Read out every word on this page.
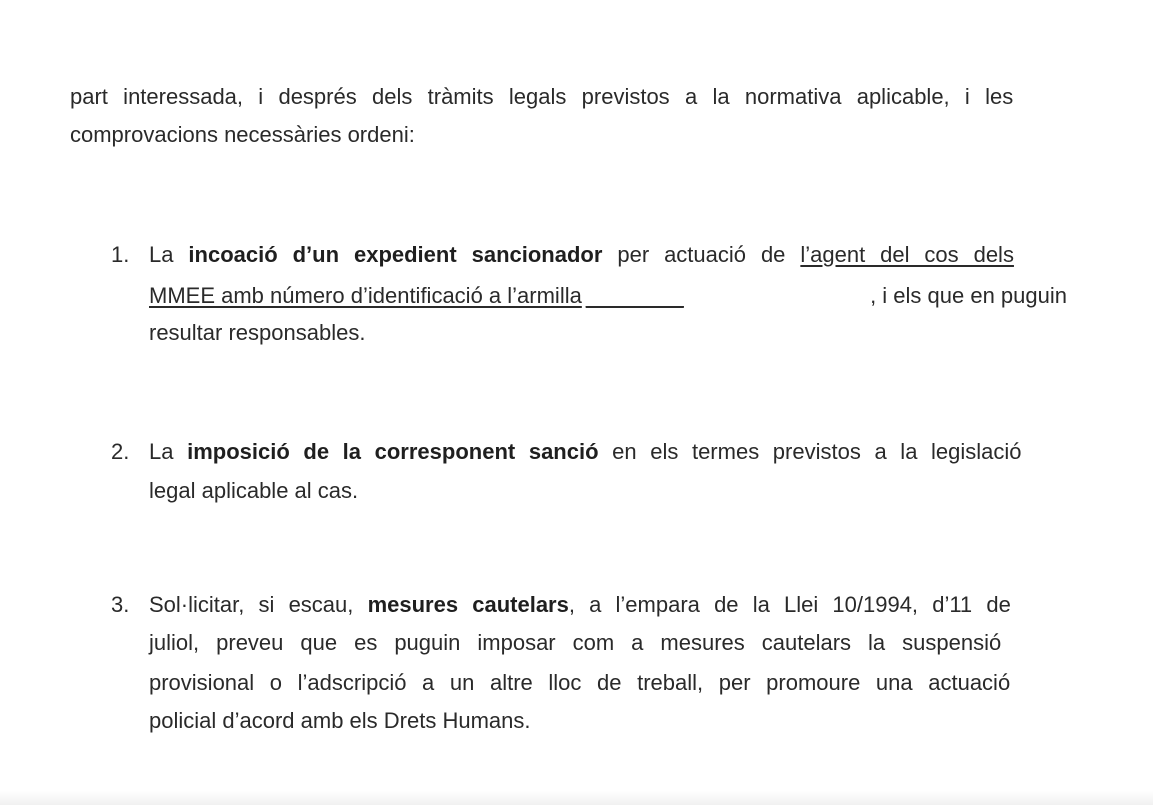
part interessada, i després dels tràmits legals previstos a la normativa aplicable, i les
comprovacions necessàries ordeni:
1. La incoació d’un expedient sancionador per actuació de l’agent del cos dels
MMEE amb número d’identificació a l’armilla ________	, i els que en puguin
resultar responsables.
2. La imposició de la corresponent sanció en els termes previstos a la legislació
legal aplicable al cas.
3. Sol·licitar, si escau, mesures cautelars, a l’empara de la Llei 10/1994, d’11 de
juliol, preveu que es puguin imposar com a mesures cautelars la suspensió
provisional o l’adscripció a un altre lloc de treball, per promoure una actuació
policial d’acord amb els Drets Humans.
